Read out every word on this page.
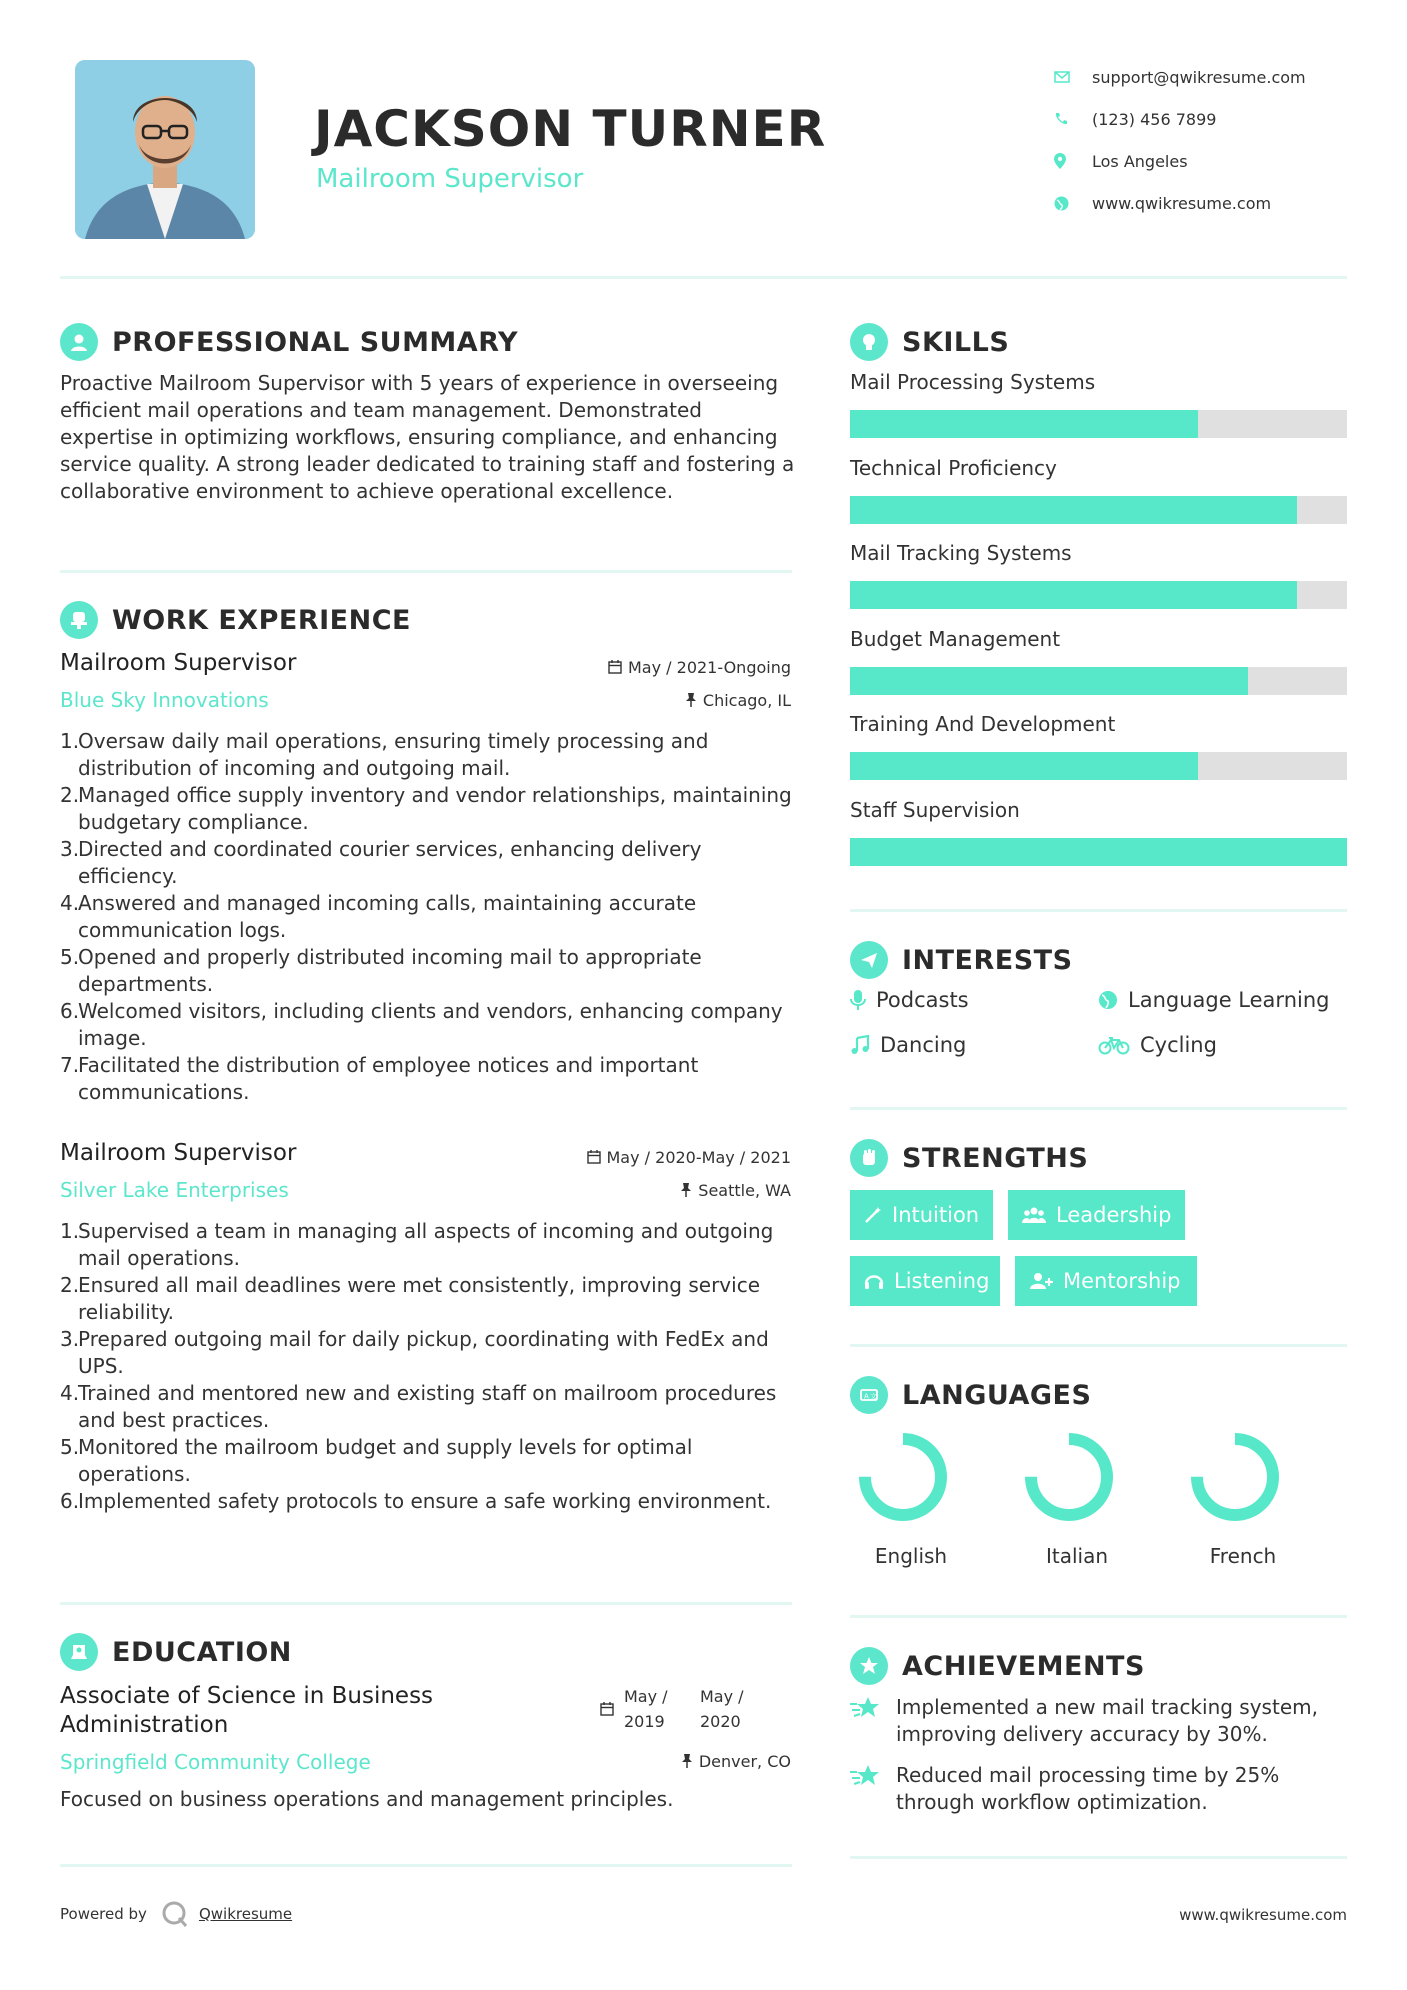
JACKSON TURNER
Mailroom Supervisor
support@qwikresume.com
(123) 456 7899
Los Angeles
www.qwikresume.com
PROFESSIONAL SUMMARY
Proactive Mailroom Supervisor with 5 years of experience in overseeing efficient mail operations and team management. Demonstrated expertise in optimizing workflows, ensuring compliance, and enhancing service quality. A strong leader dedicated to training staff and fostering a collaborative environment to achieve operational excellence.
WORK EXPERIENCE
Mailroom Supervisor	May / 2021-Ongoing
Blue Sky Innovations	Chicago, IL
1.
Oversaw daily mail operations, ensuring timely processing and distribution of incoming and outgoing mail.
2.
Managed office supply inventory and vendor relationships, maintaining budgetary compliance.
3.
Directed and coordinated courier services, enhancing delivery efficiency.
4.
Answered and managed incoming calls, maintaining accurate communication logs.
5.
Opened and properly distributed incoming mail to appropriate departments.
6.
Welcomed visitors, including clients and vendors, enhancing company image.
7.
Facilitated the distribution of employee notices and important communications.
Mailroom Supervisor	May / 2020-May / 2021
Silver Lake Enterprises	Seattle, WA
1.
Supervised a team in managing all aspects of incoming and outgoing mail operations.
2.
Ensured all mail deadlines were met consistently, improving service reliability.
3.
Prepared outgoing mail for daily pickup, coordinating with FedEx and UPS.
4.
Trained and mentored new and existing staff on mailroom procedures and best practices.
5.
Monitored the mailroom budget and supply levels for optimal operations.
6.
Implemented safety protocols to ensure a safe working environment.
EDUCATION
Associate of Science in Business
Administration
May /
2019
May /
2020
Springfield Community College	Denver, CO
Focused on business operations and management principles.
SKILLS
Mail Processing Systems
Technical Proficiency
Mail Tracking Systems
Budget Management
Training And Development
Staff Supervision
INTERESTS
Podcasts	Language Learning
Dancing	Cycling
STRENGTHS
Intuition	Leadership
Listening	Mentorship
A 文 LANGUAGES
English	Italian	French
ACHIEVEMENTS
Implemented a new mail tracking system, improving delivery accuracy by 30%.
Reduced mail processing time by 25% through workflow optimization.
Powered by	Qwikresume	www.qwikresume.com
